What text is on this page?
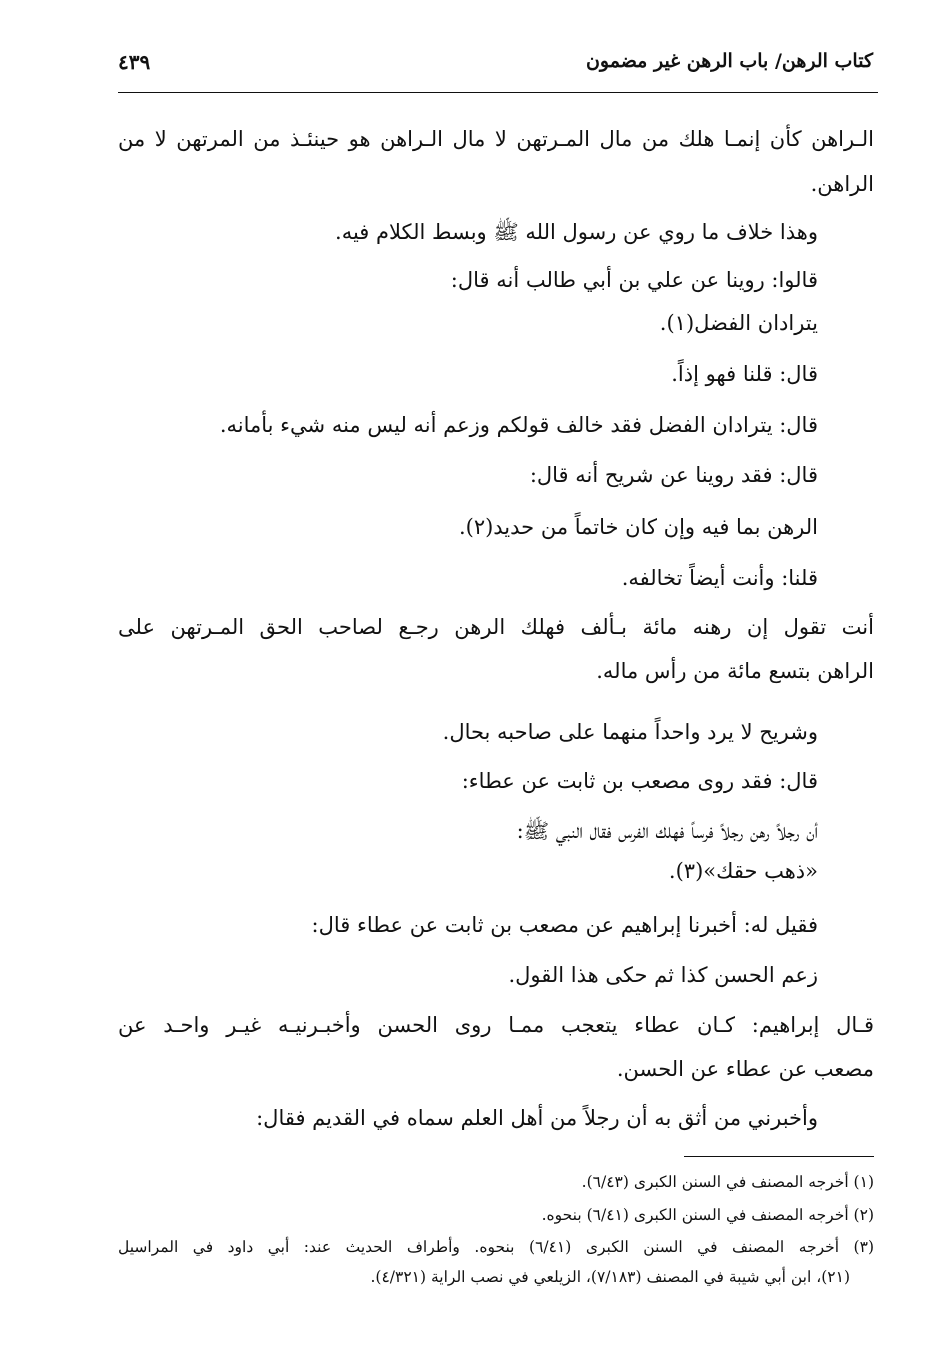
كتاب الرهن/ باب الرهن غير مضمون
٤٣٩
الـراهن كأن إنمـا هلك من مال المـرتهن لا مال الـراهن هو حينئـذ من المرتهن لا من
الراهن.
وهذا خلاف ما روي عن رسول الله ﷺ وبسط الكلام فيه.
قالوا: روينا عن علي بن أبي طالب أنه قال:
يترادان الفضل(١).
قال: قلنا فهو إذاً.
قال: يترادان الفضل فقد خالف قولكم وزعم أنه ليس منه شيء بأمانه.
قال: فقد روينا عن شريح أنه قال:
الرهن بما فيه وإن كان خاتماً من حديد(٢).
قلنا: وأنت أيضاً تخالفه.
أنت تقول إن رهنه مائة بـألف فهلك الرهن رجـع لصاحب الحق المـرتهن على
الراهن بتسع مائة من رأس ماله.
وشريح لا يرد واحداً منهما على صاحبه بحال.
قال: فقد روى مصعب بن ثابت عن عطاء:
أن رجلاً رهن رجلاً فرساً فهلك الفرس فقال النبي ﷺ:
«ذهب حقك»(٣).
فقيل له: أخبرنا إبراهيم عن مصعب بن ثابت عن عطاء قال:
زعم الحسن كذا ثم حكى هذا القول.
قـال إبراهيم: كـان عطاء يتعجب ممـا روى الحسن وأخبـرنيـه غيـر واحـد عن
مصعب عن عطاء عن الحسن.
وأخبرني من أثق به أن رجلاً من أهل العلم سماه في القديم فقال:
(١) أخرجه المصنف في السنن الكبرى (٦/٤٣).
(٢) أخرجه المصنف في السنن الكبرى (٦/٤١) بنحوه.
(٣) أخرجه المصنف في السنن الكبرى (٦/٤١) بنحوه. وأطراف الحديث عند: أبي داود في المراسيل
(٢١)، ابن أبي شيبة في المصنف (٧/١٨٣)، الزيلعي في نصب الراية (٤/٣٢١).
